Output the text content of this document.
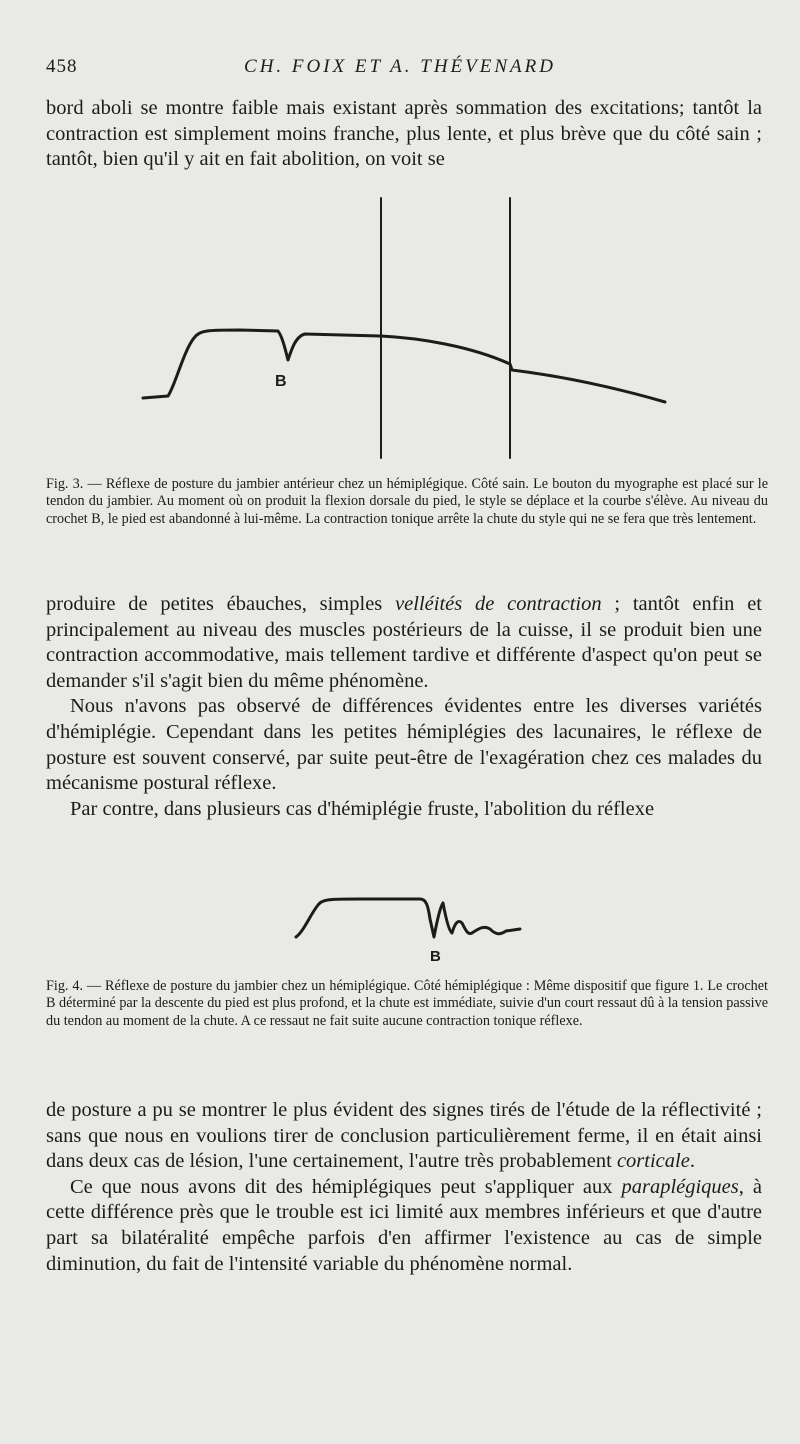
458	CH. FOIX ET A. THÉVENARD

bord aboli se montre faible mais existant après sommation des excitations; tantôt la contraction est simplement moins franche, plus lente, et plus brève que du côté sain ; tantôt, bien qu'il y ait en fait abolition, on voit se

B

Fig. 3. — Réflexe de posture du jambier antérieur chez un hémiplégique. Côté sain. Le bouton du myographe est placé sur le tendon du jambier. Au moment où on produit la flexion dorsale du pied, le style se déplace et la courbe s'élève. Au niveau du crochet B, le pied est abandonné à lui-même. La contraction tonique arrête la chute du style qui ne se fera que très lentement.

produire de petites ébauches, simples velléités de contraction ; tantôt enfin et principalement au niveau des muscles postérieurs de la cuisse, il se produit bien une contraction accommodative, mais tellement tardive et différente d'aspect qu'on peut se demander s'il s'agit bien du même phénomène.

Nous n'avons pas observé de différences évidentes entre les diverses variétés d'hémiplégie. Cependant dans les petites hémiplégies des lacunaires, le réflexe de posture est souvent conservé, par suite peut-être de l'exagération chez ces malades du mécanisme postural réflexe.

Par contre, dans plusieurs cas d'hémiplégie fruste, l'abolition du réflexe

B

Fig. 4. — Réflexe de posture du jambier chez un hémiplégique. Côté hémiplégique : Même dispositif que figure 1. Le crochet B déterminé par la descente du pied est plus profond, et la chute est immédiate, suivie d'un court ressaut dû à la tension passive du tendon au moment de la chute. A ce ressaut ne fait suite aucune contraction tonique réflexe.

de posture a pu se montrer le plus évident des signes tirés de l'étude de la réflectivité ; sans que nous en voulions tirer de conclusion particulièrement ferme, il en était ainsi dans deux cas de lésion, l'une certainement, l'autre très probablement corticale.

Ce que nous avons dit des hémiplégiques peut s'appliquer aux paraplégiques, à cette différence près que le trouble est ici limité aux membres inférieurs et que d'autre part sa bilatéralité empêche parfois d'en affirmer l'existence au cas de simple diminution, du fait de l'intensité variable du phénomène normal.
